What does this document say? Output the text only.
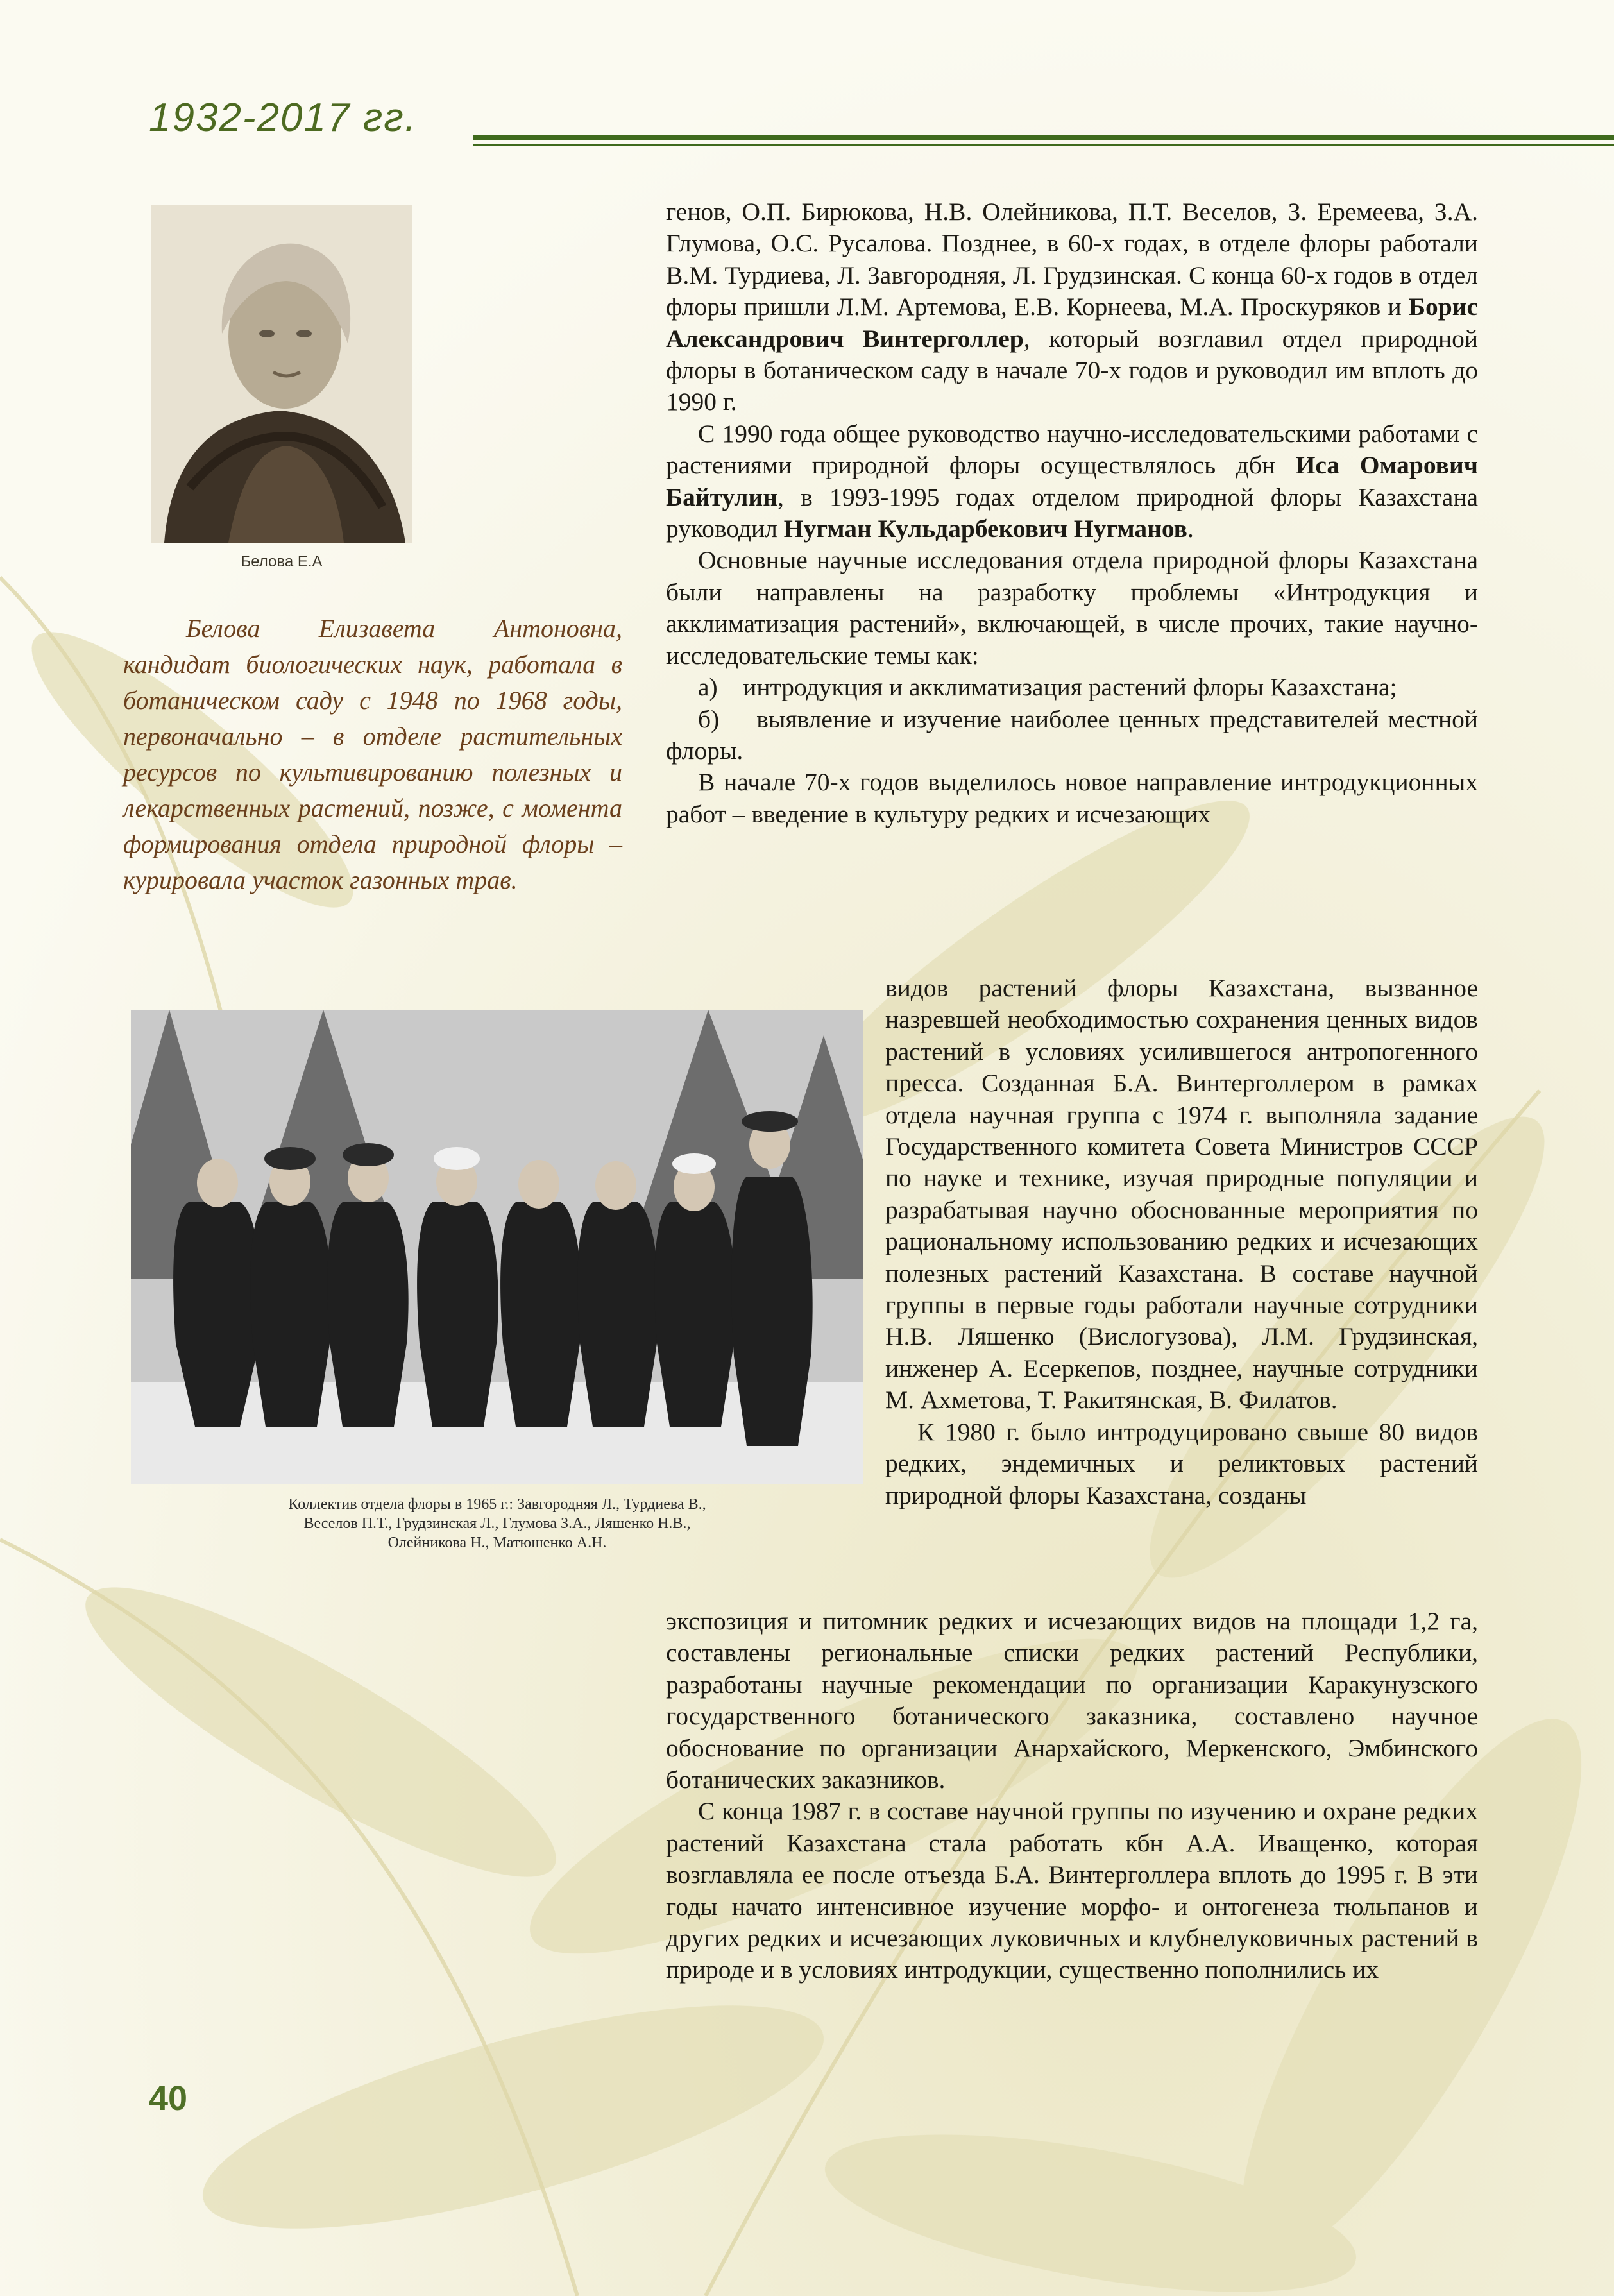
1932-2017 гг.
Белова Е.А

Белова Елизавета Антоновна, кандидат биологических наук, работала в ботаническом саду с 1948 по 1968 годы, первоначально – в отделе растительных ресурсов по культивированию полезных и лекарственных растений, позже, с момента формирования отдела природной флоры – курировала участок газонных трав.

Коллектив отдела флоры в 1965 г.: Завгородняя Л., Турдиева В.,
Веселов П.Т., Грудзинская Л., Глумова З.А., Ляшенко Н.В.,
Олейникова Н., Матюшенко А.Н.

генов, О.П. Бирюкова, Н.В. Олейникова, П.Т. Веселов, З. Еремеева, З.А. Глумова, О.С. Русалова. Позднее, в 60-х годах, в отделе флоры работали В.М. Турдиева, Л. Завгородняя, Л. Грудзинская. С конца 60-х годов в отдел флоры пришли Л.М. Артемова, Е.В. Корнеева, М.А. Проскуряков и Борис Александрович Винтерголлер, который возглавил отдел природной флоры в ботаническом саду в начале 70-х годов и руководил им вплоть до 1990 г.

С 1990 года общее руководство научно-исследовательскими работами с растениями природной флоры осуществлялось дбн Иса Омарович Байтулин, в 1993-1995 годах отделом природной флоры Казахстана руководил Нугман Кульдарбекович Нугманов.

Основные научные исследования отдела природной флоры Казахстана были направлены на разработку проблемы «Интродукция и акклиматизация растений», включающей, в числе прочих, такие научно-исследовательские темы как:

а) интродукция и акклиматизация растений флоры Казахстана;

б) выявление и изучение наиболее ценных представителей местной флоры.

В начале 70-х годов выделилось новое направление интродукционных работ – введение в культуру редких и исчезающих

видов растений флоры Казахстана, вызванное назревшей необходимостью сохранения ценных видов растений в условиях усилившегося антропогенного пресса. Созданная Б.А. Винтерголлером в рамках отдела научная группа с 1974 г. выполняла задание Государственного комитета Совета Министров СССР по науке и технике, изучая природные популяции и разрабатывая научно обоснованные мероприятия по рациональному использованию редких и исчезающих полезных растений Казахстана. В составе научной группы в первые годы работали научные сотрудники Н.В. Ляшенко (Вислогузова), Л.М. Грудзинская, инженер А. Есеркепов, позднее, научные сотрудники М. Ахметова, Т. Ракитянская, В. Филатов.

К 1980 г. было интродуцировано свыше 80 видов редких, эндемичных и реликтовых растений природной флоры Казахстана, созданы

экспозиция и питомник редких и исчезающих видов на площади 1,2 га, составлены региональные списки редких растений Республики, разработаны научные рекомендации по организации Каракунузского государственного ботанического заказника, составлено научное обоснование по организации Анархайского, Меркенского, Эмбинского ботанических заказников.

С конца 1987 г. в составе научной группы по изучению и охране редких растений Казахстана стала работать кбн А.А. Иващенко, которая возглавляла ее после отъезда Б.А. Винтерголлера вплоть до 1995 г. В эти годы начато интенсивное изучение морфо- и онтогенеза тюльпанов и других редких и исчезающих луковичных и клубнелуковичных растений в природе и в условиях интродукции, существенно пополнились их

40
